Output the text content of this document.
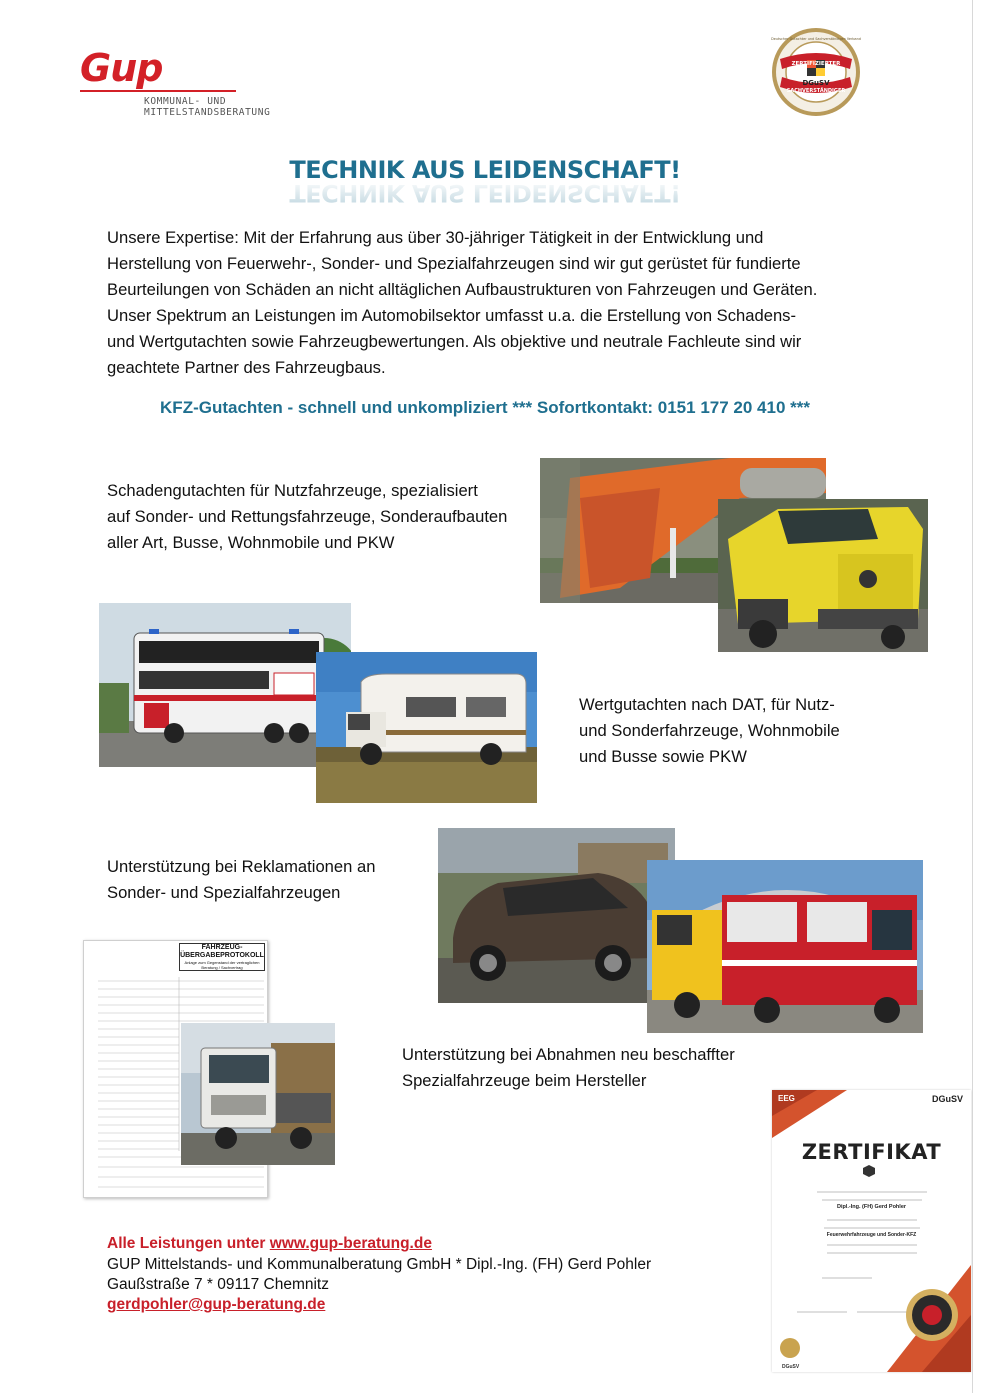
Gup
KOMMUNAL- UND
MITTELSTANDSBERATUNG
DGuSV
ZERTIFIZIERTER
SACHVERSTÄNDIGER
Deutscher Gutachter und Sachverständigen Verband
TECHNIK AUS LEIDENSCHAFT!
TECHNIK AUS LEIDENSCHAFT!
Unsere Expertise: Mit der Erfahrung aus über 30-jähriger Tätigkeit in der Entwicklung und
Herstellung von Feuerwehr-, Sonder- und Spezialfahrzeugen sind wir gut gerüstet für fundierte
Beurteilungen von Schäden an nicht alltäglichen Aufbaustrukturen von Fahrzeugen und Geräten.
Unser Spektrum an Leistungen im Automobilsektor umfasst u.a. die Erstellung von Schadens-
und Wertgutachten sowie Fahrzeugbewertungen. Als objektive und neutrale Fachleute sind wir
geachtete Partner des Fahrzeugbaus.
KFZ-Gutachten - schnell und unkompliziert *** Sofortkontakt: 0151 177 20 410 ***
Schadengutachten für Nutzfahrzeuge, spezialisiert
auf Sonder- und Rettungsfahrzeuge, Sonderaufbauten
aller Art, Busse, Wohnmobile und PKW
Wertgutachten nach DAT, für Nutz-
und Sonderfahrzeuge, Wohnmobile
und Busse sowie PKW
Unterstützung bei Reklamationen an
Sonder- und Spezialfahrzeugen
FAHRZEUG-
ÜBERGABEPROTOKOLL
Anlage zum Gegenstand der vertraglichen Beratung / Sachvertrag
Unterstützung bei Abnahmen neu beschaffter
Spezialfahrzeuge beim Hersteller
EEG	DGuSV
ZERTIFIKAT
Dipl.-Ing. (FH) Gerd Pohler
Feuerwehrfahrzeuge und Sonder-KFZ
DGuSV
Alle Leistungen unter www.gup-beratung.de
GUP Mittelstands- und Kommunalberatung GmbH * Dipl.-Ing. (FH) Gerd Pohler
Gaußstraße 7 * 09117 Chemnitz
gerdpohler@gup-beratung.de
